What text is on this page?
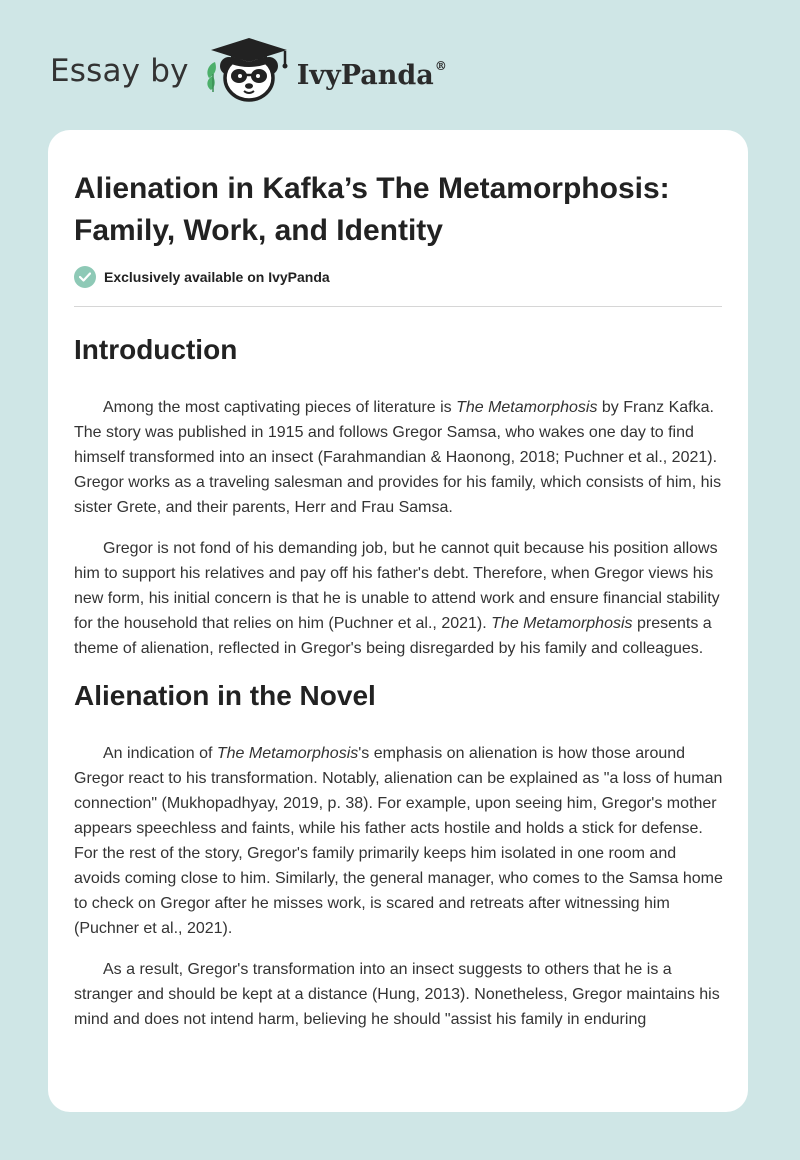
Essay by	IvyPanda®
Alienation in Kafka’s The Metamorphosis: Family, Work, and Identity
Exclusively available on IvyPanda
Introduction

Among the most captivating pieces of literature is The Metamorphosis by Franz Kafka. The story was published in 1915 and follows Gregor Samsa, who wakes one day to find himself transformed into an insect (Farahmandian & Haonong, 2018; Puchner et al., 2021). Gregor works as a traveling salesman and provides for his family, which consists of him, his sister Grete, and their parents, Herr and Frau Samsa.

Gregor is not fond of his demanding job, but he cannot quit because his position allows him to support his relatives and pay off his father's debt. Therefore, when Gregor views his new form, his initial concern is that he is unable to attend work and ensure financial stability for the household that relies on him (Puchner et al., 2021). The Metamorphosis presents a theme of alienation, reflected in Gregor's being disregarded by his family and colleagues.

Alienation in the Novel

An indication of The Metamorphosis's emphasis on alienation is how those around Gregor react to his transformation. Notably, alienation can be explained as "a loss of human connection" (Mukhopadhyay, 2019, p. 38). For example, upon seeing him, Gregor's mother appears speechless and faints, while his father acts hostile and holds a stick for defense. For the rest of the story, Gregor's family primarily keeps him isolated in one room and avoids coming close to him. Similarly, the general manager, who comes to the Samsa home to check on Gregor after he misses work, is scared and retreats after witnessing him (Puchner et al., 2021).

As a result, Gregor's transformation into an insect suggests to others that he is a stranger and should be kept at a distance (Hung, 2013). Nonetheless, Gregor maintains his mind and does not intend harm, believing he should "assist his family in enduring
